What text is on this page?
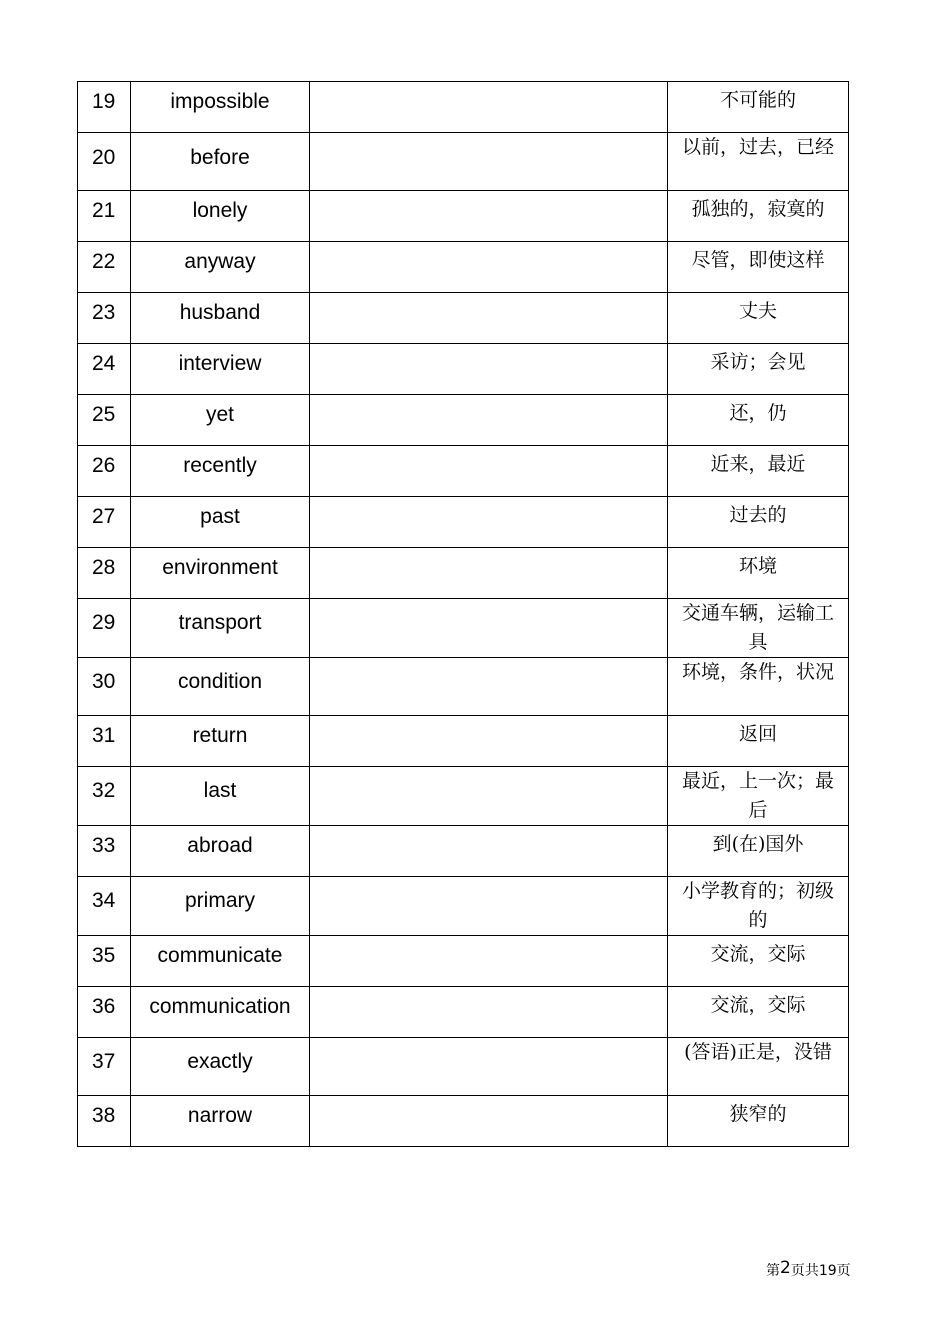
19	impossible		不可能的
20	before		以前，过去，已经
21	lonely		孤独的，寂寞的
22	anyway		尽管，即使这样
23	husband		丈夫
24	interview		采访；会见
25	yet		还，仍
26	recently		近来，最近
27	past		过去的
28	environment		环境
29	transport		交通车辆，运输工具
30	condition		环境，条件，状况
31	return		返回
32	last		最近，上一次；最后
33	abroad		到(在)国外
34	primary		小学教育的；初级的
35	communicate		交流，交际
36	communication		交流，交际
37	exactly		(答语)正是，没错
38	narrow		狭窄的
第2页共19页
